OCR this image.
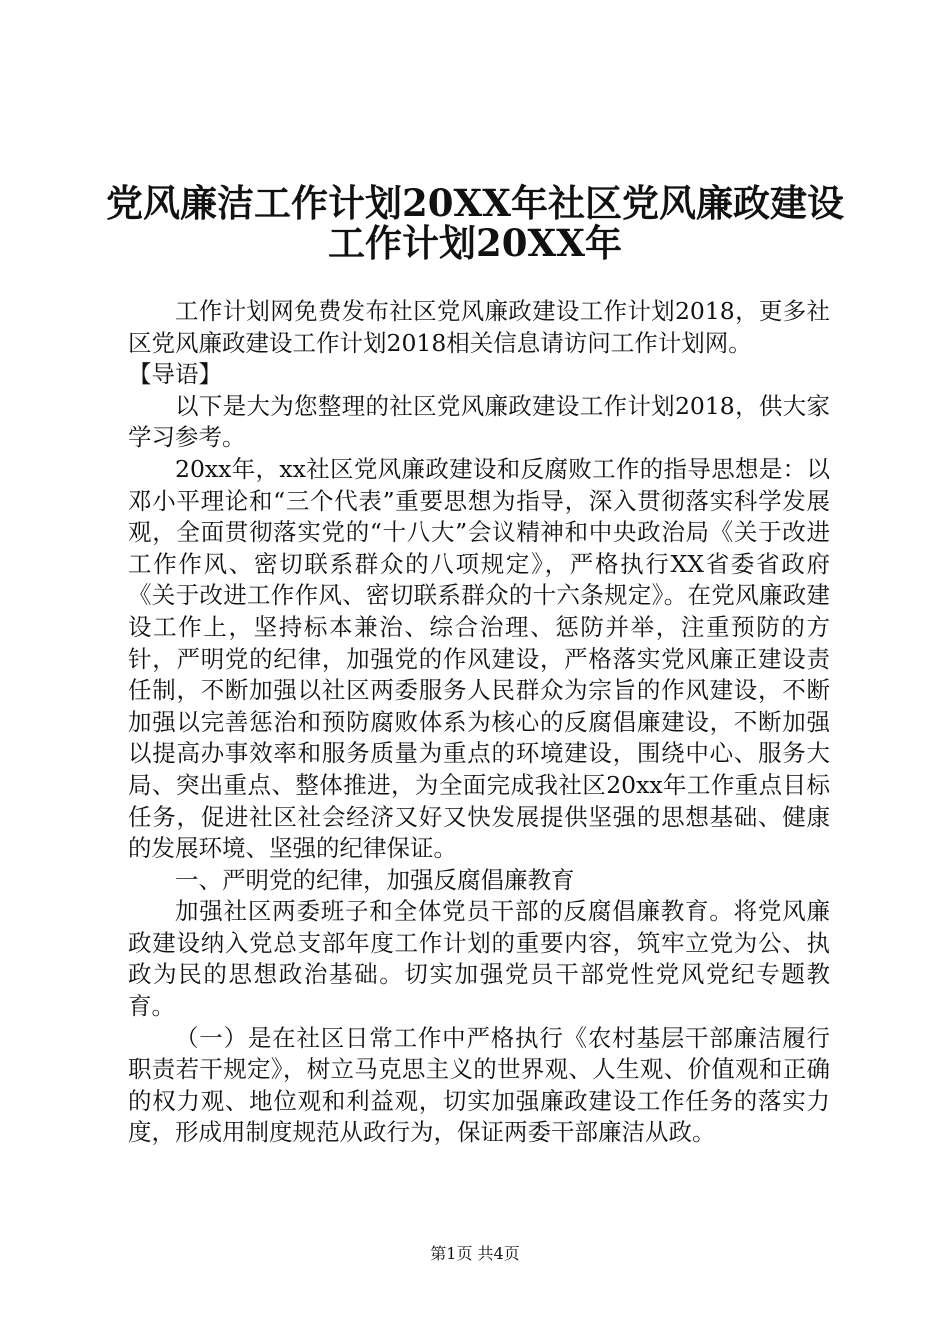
党风廉洁工作计划20XX年社区党风廉政建设
工作计划20XX年

工作计划网免费发布社区党风廉政建设工作计划2018，更多社区党风廉政建设工作计划2018相关信息请访问工作计划网。

【导语】

以下是大为您整理的社区党风廉政建设工作计划2018，供大家学习参考。

20xx年，xx社区党风廉政建设和反腐败工作的指导思想是：以邓小平理论和“三个代表”重要思想为指导，深入贯彻落实科学发展观，全面贯彻落实党的“十八大”会议精神和中央政治局《关于改进工作作风、密切联系群众的八项规定》，严格执行XX省委省政府《关于改进工作作风、密切联系群众的十六条规定》。在党风廉政建设工作上，坚持标本兼治、综合治理、惩防并举，注重预防的方针，严明党的纪律，加强党的作风建设，严格落实党风廉正建设责任制，不断加强以社区两委服务人民群众为宗旨的作风建设，不断加强以完善惩治和预防腐败体系为核心的反腐倡廉建设，不断加强以提高办事效率和服务质量为重点的环境建设，围绕中心、服务大局、突出重点、整体推进，为全面完成我社区20xx年工作重点目标任务，促进社区社会经济又好又快发展提供坚强的思想基础、健康的发展环境、坚强的纪律保证。

一、严明党的纪律，加强反腐倡廉教育

加强社区两委班子和全体党员干部的反腐倡廉教育。将党风廉政建设纳入党总支部年度工作计划的重要内容，筑牢立党为公、执政为民的思想政治基础。切实加强党员干部党性党风党纪专题教育。

（一）是在社区日常工作中严格执行《农村基层干部廉洁履行职责若干规定》，树立马克思主义的世界观、人生观、价值观和正确的权力观、地位观和利益观，切实加强廉政建设工作任务的落实力度，形成用制度规范从政行为，保证两委干部廉洁从政。

第1页 共4页
